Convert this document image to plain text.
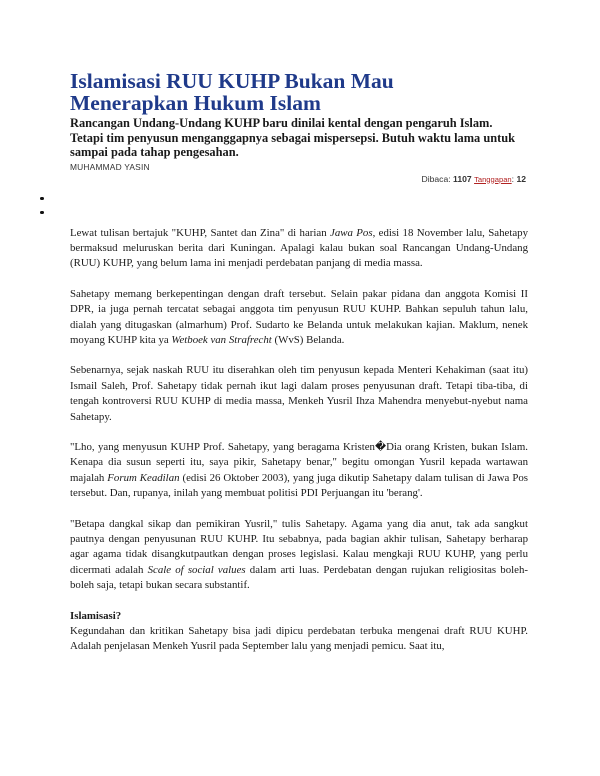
Islamisasi RUU KUHP Bukan Mau
Menerapkan Hukum Islam

Rancangan Undang-Undang KUHP baru dinilai kental dengan pengaruh Islam. Tetapi tim penyusun menganggapnya sebagai mispersepsi. Butuh waktu lama untuk sampai pada tahap pengesahan.

MUHAMMAD YASIN
Dibaca: 1107 Tanggapan: 12

Lewat tulisan bertajuk "KUHP, Santet dan Zina" di harian Jawa Pos, edisi 18 November lalu, Sahetapy bermaksud meluruskan berita dari Kuningan. Apalagi kalau bukan soal Rancangan Undang-Undang (RUU) KUHP, yang belum lama ini menjadi perdebatan panjang di media massa.

Sahetapy memang berkepentingan dengan draft tersebut. Selain pakar pidana dan anggota Komisi II DPR, ia juga pernah tercatat sebagai anggota tim penyusun RUU KUHP. Bahkan sepuluh tahun lalu, dialah yang ditugaskan (almarhum) Prof. Sudarto ke Belanda untuk melakukan kajian. Maklum, nenek moyang KUHP kita ya Wetboek van Strafrecht (WvS) Belanda.

Sebenarnya, sejak naskah RUU itu diserahkan oleh tim penyusun kepada Menteri Kehakiman (saat itu) Ismail Saleh, Prof. Sahetapy tidak pernah ikut lagi dalam proses penyusunan draft. Tetapi tiba-tiba, di tengah kontroversi RUU KUHP di media massa, Menkeh Yusril Ihza Mahendra menyebut-nyebut nama Sahetapy.

"Lho, yang menyusun KUHP Prof. Sahetapy, yang beragama Kristen�Dia orang Kristen, bukan Islam. Kenapa dia susun seperti itu, saya pikir, Sahetapy benar," begitu omongan Yusril kepada wartawan majalah Forum Keadilan (edisi 26 Oktober 2003), yang juga dikutip Sahetapy dalam tulisan di Jawa Pos tersebut. Dan, rupanya, inilah yang membuat politisi PDI Perjuangan itu 'berang'.

"Betapa dangkal sikap dan pemikiran Yusril," tulis Sahetapy. Agama yang dia anut, tak ada sangkut pautnya dengan penyusunan RUU KUHP. Itu sebabnya, pada bagian akhir tulisan, Sahetapy berharap agar agama tidak disangkutpautkan dengan proses legislasi. Kalau mengkaji RUU KUHP, yang perlu dicermati adalah Scale of social values dalam arti luas. Perdebatan dengan rujukan religiositas boleh-boleh saja, tetapi bukan secara substantif.

Islamisasi?

Kegundahan dan kritikan Sahetapy bisa jadi dipicu perdebatan terbuka mengenai draft RUU KUHP. Adalah penjelasan Menkeh Yusril pada September lalu yang menjadi pemicu. Saat itu,
